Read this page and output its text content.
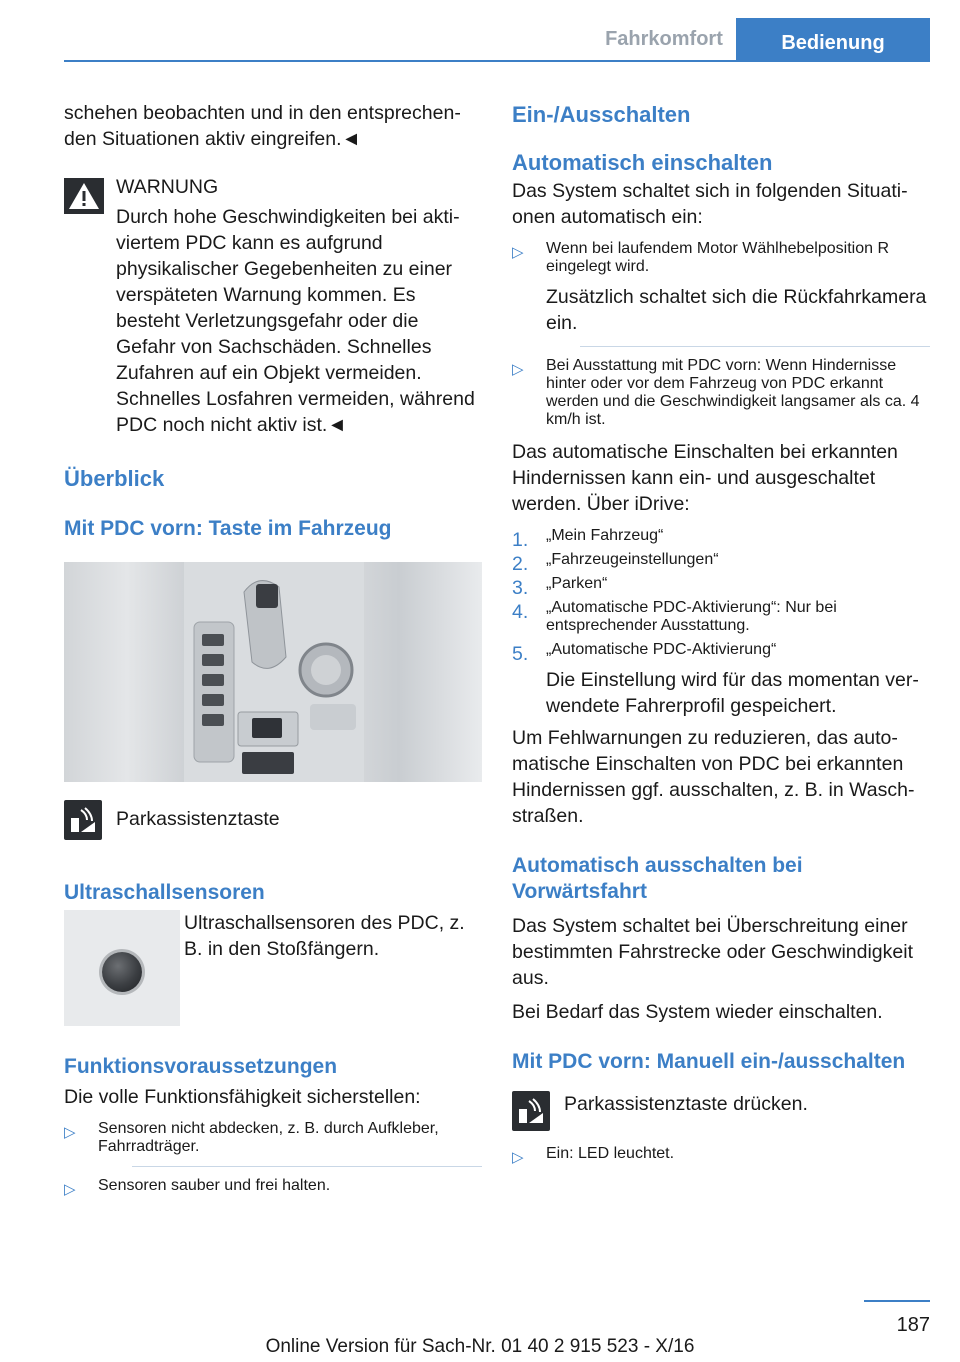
Fahrkomfort	Bedienung

schehen beobachten und in den entsprechenden Situationen aktiv eingreifen.◄

WARNUNG

Durch hohe Geschwindigkeiten bei aktiviertem PDC kann es aufgrund physikalischer Gegebenheiten zu einer verspäteten Warnung kommen. Es besteht Verletzungsgefahr oder die Gefahr von Sachschäden. Schnelles Zufahren auf ein Objekt vermeiden. Schnelles Losfahren vermeiden, während PDC noch nicht aktiv ist.◄

Überblick
Mit PDC vorn: Taste im Fahrzeug

Parkassistenztaste

Ultraschallsensoren

Ultraschallsensoren des PDC, z. B. in den Stoßfängern.

Funktionsvoraussetzungen

Die volle Funktionsfähigkeit sicherstellen:

▷ Sensoren nicht abdecken, z. B. durch Aufkleber, Fahrradträger.
▷ Sensoren sauber und frei halten.
Ein-/Ausschalten
Automatisch einschalten

Das System schaltet sich in folgenden Situationen automatisch ein:

▷ Wenn bei laufendem Motor Wählhebelposition R eingelegt wird.

Zusätzlich schaltet sich die Rückfahrkamera ein.

▷ Bei Ausstattung mit PDC vorn: Wenn Hindernisse hinter oder vor dem Fahrzeug von PDC erkannt werden und die Geschwindigkeit langsamer als ca. 4 km/h ist.

Das automatische Einschalten bei erkannten Hindernissen kann ein- und ausgeschaltet werden. Über iDrive:

1. „Mein Fahrzeug“
2. „Fahrzeugeinstellungen“
3. „Parken“
4. „Automatische PDC-Aktivierung“: Nur bei entsprechender Ausstattung.
5. „Automatische PDC-Aktivierung“

Die Einstellung wird für das momentan verwendete Fahrerprofil gespeichert.

Um Fehlwarnungen zu reduzieren, das automatische Einschalten von PDC bei erkannten Hindernissen ggf. ausschalten, z. B. in Waschstraßen.

Automatisch ausschalten bei Vorwärtsfahrt

Das System schaltet bei Überschreitung einer bestimmten Fahrstrecke oder Geschwindigkeit aus.

Bei Bedarf das System wieder einschalten.

Mit PDC vorn: Manuell ein-/ausschalten

Parkassistenztaste drücken.

▷ Ein: LED leuchtet.
187
Online Version für Sach-Nr. 01 40 2 915 523 - X/16
